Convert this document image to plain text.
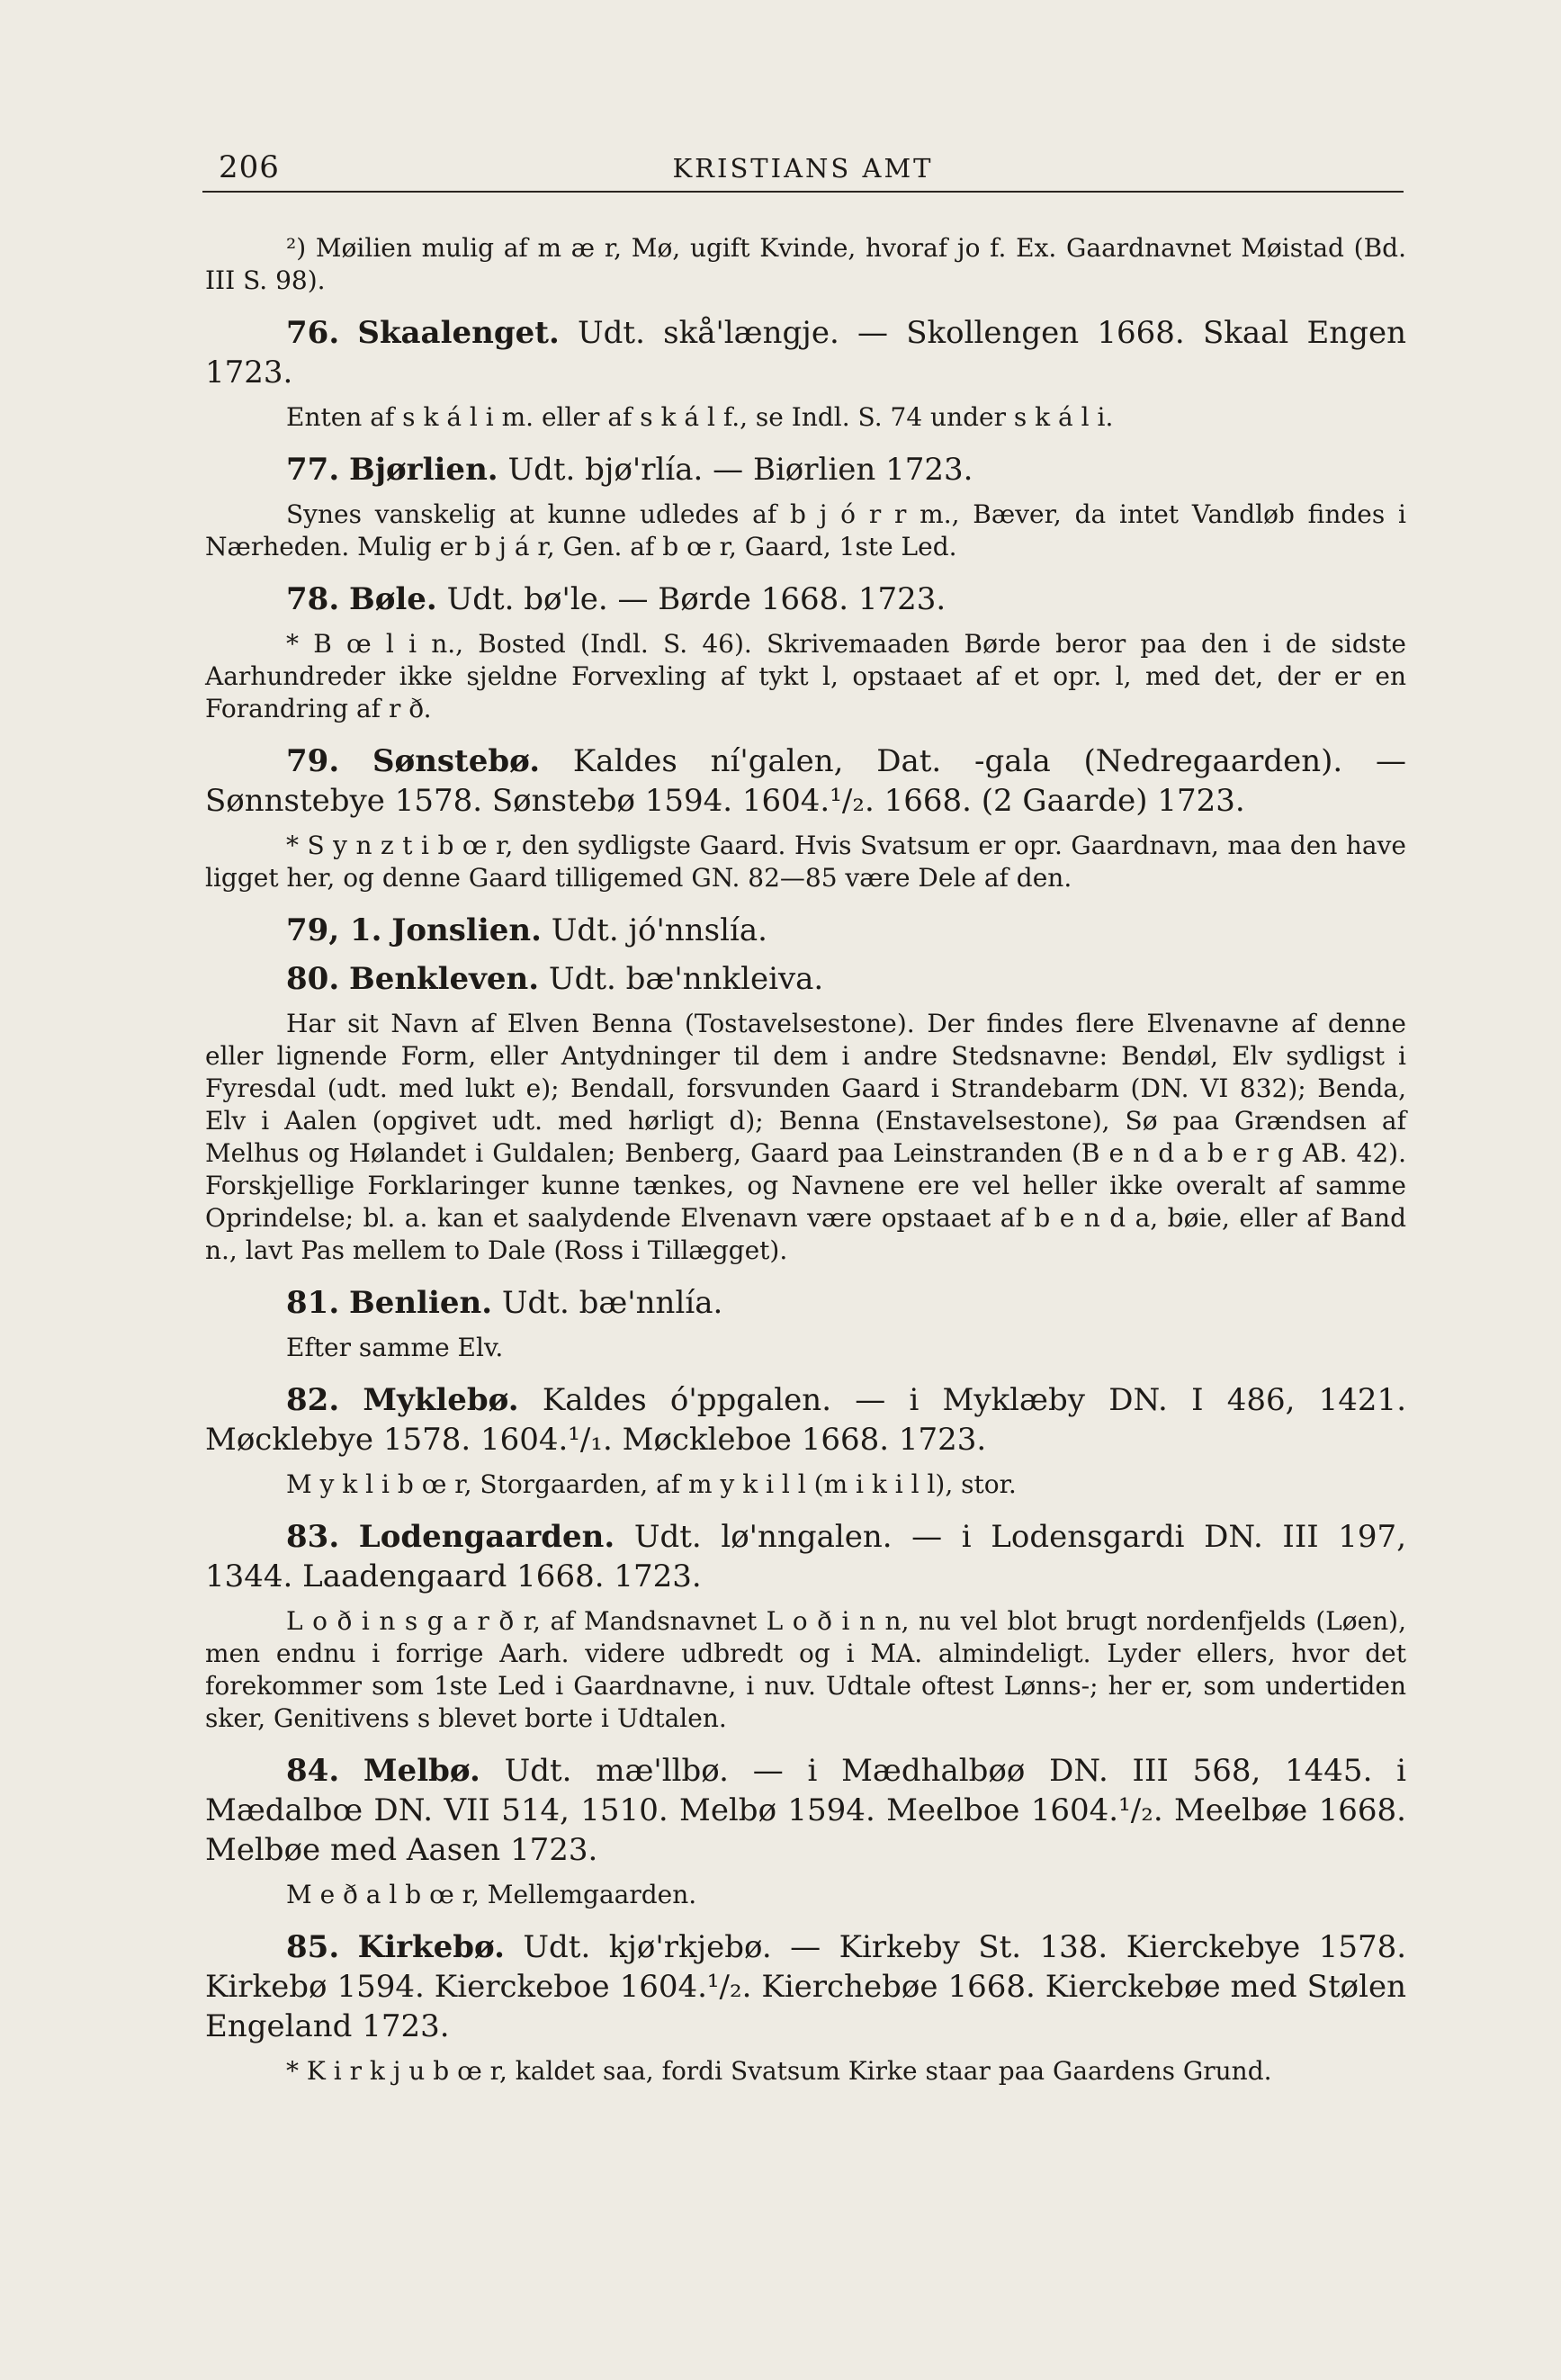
206	KRISTIANS AMT
²) Møilien mulig af m æ r, Mø, ugift Kvinde, hvoraf jo f. Ex. Gaardnavnet Møistad (Bd. III S. 98).
76. Skaalenget. Udt. skå'længje. — Skollengen 1668. Skaal Engen 1723.
Enten af s k á l i m. eller af s k á l f., se Indl. S. 74 under s k á l i.
77. Bjørlien. Udt. bjø'rlía. — Biørlien 1723.
Synes vanskelig at kunne udledes af b j ó r r m., Bæver, da intet Vandløb findes i Nærheden. Mulig er b j á r, Gen. af b œ r, Gaard, 1ste Led.
78. Bøle. Udt. bø'le. — Børde 1668. 1723.
* B œ l i n., Bosted (Indl. S. 46). Skrivemaaden Børde beror paa den i de sidste Aarhundreder ikke sjeldne Forvexling af tykt l, opstaaet af et opr. l, med det, der er en Forandring af r ð.
79. Sønstebø. Kaldes ní'galen, Dat. -gala (Nedregaarden). — Sønnstebye 1578. Sønstebø 1594. 1604.¹/₂. 1668. (2 Gaarde) 1723.
* S y n z t i b œ r, den sydligste Gaard. Hvis Svatsum er opr. Gaardnavn, maa den have ligget her, og denne Gaard tilligemed GN. 82—85 være Dele af den.
79, 1. Jonslien. Udt. jó'nnslía.
80. Benkleven. Udt. bæ'nnkleiva.
Har sit Navn af Elven Benna (Tostavelsestone). Der findes flere Elvenavne af denne eller lignende Form, eller Antydninger til dem i andre Stedsnavne: Bendøl, Elv sydligst i Fyresdal (udt. med lukt e); Bendall, forsvunden Gaard i Strandebarm (DN. VI 832); Benda, Elv i Aalen (opgivet udt. med hørligt d); Benna (Enstavelsestone), Sø paa Grændsen af Melhus og Hølandet i Guldalen; Benberg, Gaard paa Leinstranden (B e n d a b e r g AB. 42). Forskjellige Forklaringer kunne tænkes, og Navnene ere vel heller ikke overalt af samme Oprindelse; bl. a. kan et saalydende Elvenavn være opstaaet af b e n d a, bøie, eller af Band n., lavt Pas mellem to Dale (Ross i Tillægget).
81. Benlien. Udt. bæ'nnlía.
Efter samme Elv.
82. Myklebø. Kaldes ó'ppgalen. — i Myklæby DN. I 486, 1421. Møcklebye 1578. 1604.¹/₁. Møckleboe 1668. 1723.
M y k l i b œ r, Storgaarden, af m y k i l l (m i k i l l), stor.
83. Lodengaarden. Udt. lø'nngalen. — i Lodensgardi DN. III 197, 1344. Laadengaard 1668. 1723.
L o ð i n s g a r ð r, af Mandsnavnet L o ð i n n, nu vel blot brugt nordenfjelds (Løen), men endnu i forrige Aarh. videre udbredt og i MA. almindeligt. Lyder ellers, hvor det forekommer som 1ste Led i Gaardnavne, i nuv. Udtale oftest Lønns-; her er, som undertiden sker, Genitivens s blevet borte i Udtalen.
84. Melbø. Udt. mæ'llbø. — i Mædhalbøø DN. III 568, 1445. i Mædalbœ DN. VII 514, 1510. Melbø 1594. Meelboe 1604.¹/₂. Meelbøe 1668. Melbøe med Aasen 1723.
M e ð a l b œ r, Mellemgaarden.
85. Kirkebø. Udt. kjø'rkjebø. — Kirkeby St. 138. Kierckebye 1578. Kirkebø 1594. Kierckeboe 1604.¹/₂. Kierchebøe 1668. Kierckebøe med Stølen Engeland 1723.
* K i r k j u b œ r, kaldet saa, fordi Svatsum Kirke staar paa Gaardens Grund.
